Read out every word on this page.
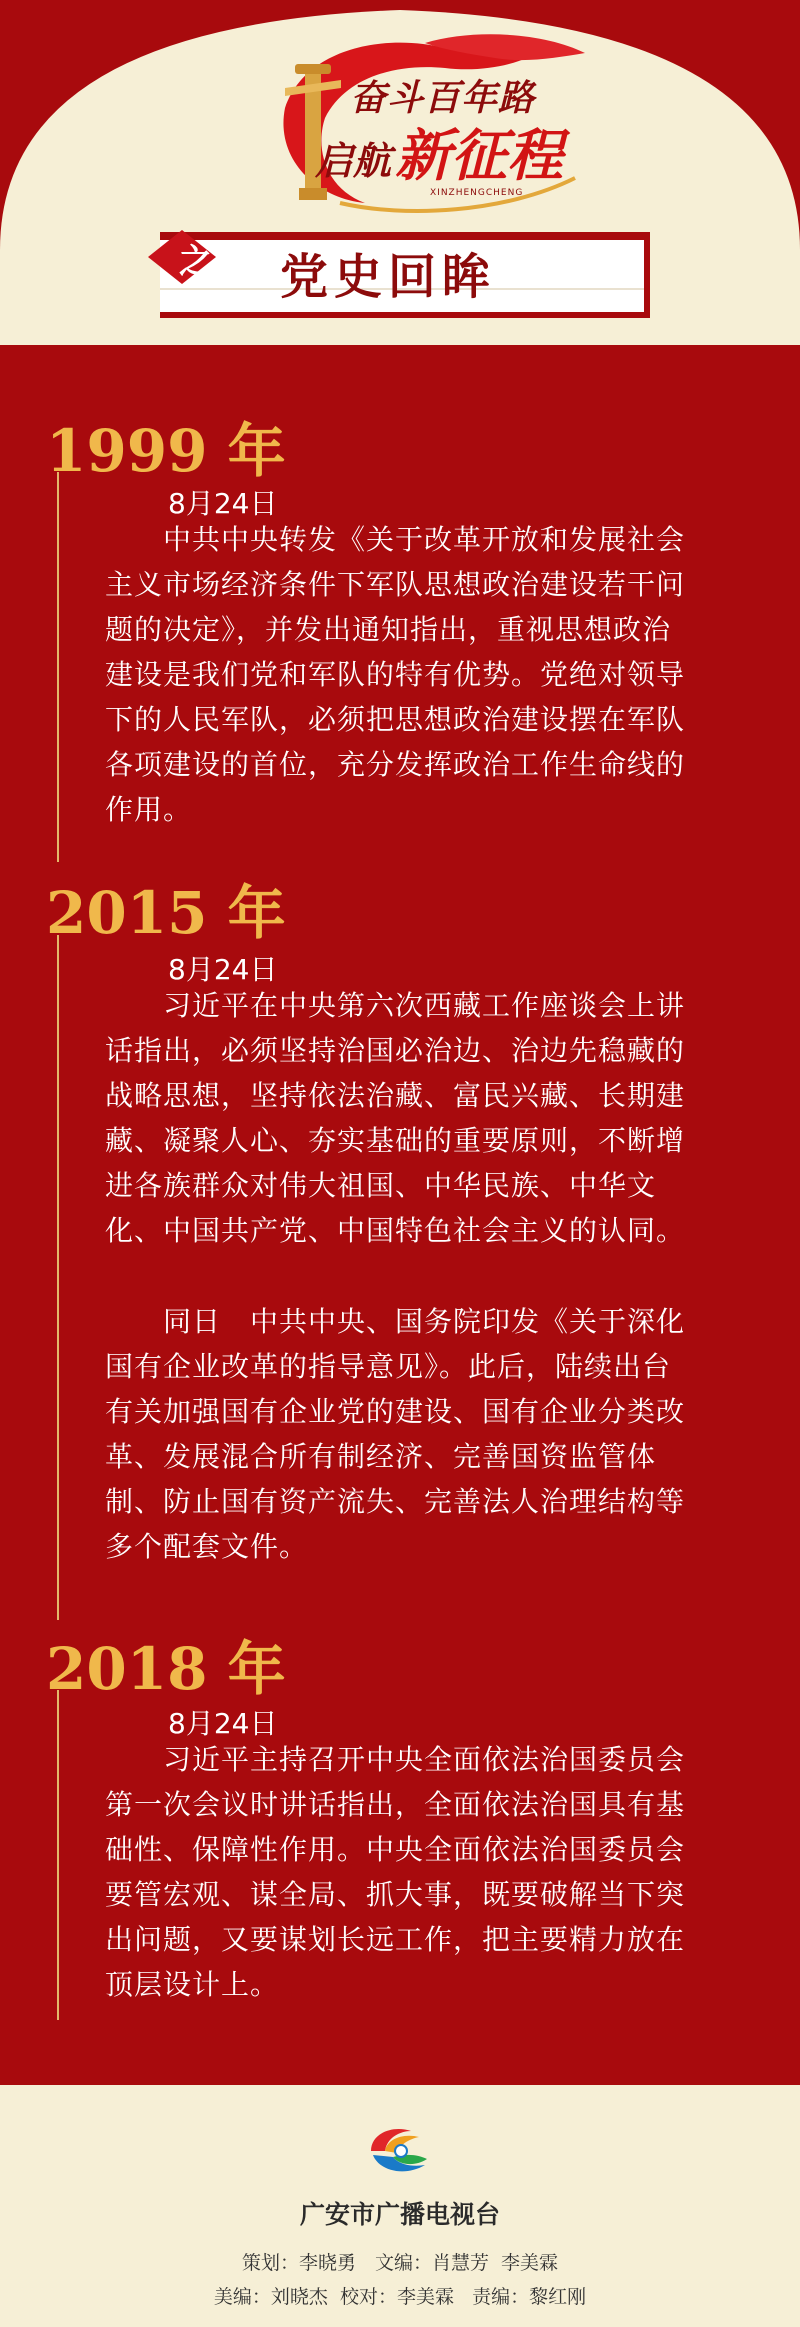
奋斗百年路
启航 新征程
XINZHENGCHENG
之 党史回眸
1999 年
8月24日
中共中央转发《关于改革开放和发展社会主义市场经济条件下军队思想政治建设若干问题的决定》，并发出通知指出，重视思想政治建设是我们党和军队的特有优势。党绝对领导下的人民军队，必须把思想政治建设摆在军队各项建设的首位，充分发挥政治工作生命线的作用。
2015 年
8月24日
习近平在中央第六次西藏工作座谈会上讲话指出，必须坚持治国必治边、治边先稳藏的战略思想，坚持依法治藏、富民兴藏、长期建藏、凝聚人心、夯实基础的重要原则，不断增进各族群众对伟大祖国、中华民族、中华文化、中国共产党、中国特色社会主义的认同。
同日　中共中央、国务院印发《关于深化国有企业改革的指导意见》。此后，陆续出台有关加强国有企业党的建设、国有企业分类改革、发展混合所有制经济、完善国资监管体制、防止国有资产流失、完善法人治理结构等多个配套文件。
2018 年
8月24日
习近平主持召开中央全面依法治国委员会第一次会议时讲话指出，全面依法治国具有基础性、保障性作用。中央全面依法治国委员会要管宏观、谋全局、抓大事，既要破解当下突出问题，又要谋划长远工作，把主要精力放在顶层设计上。
广安市广播电视台
策划：李晓勇　文编：肖慧芳  李美霖
美编：刘晓杰  校对：李美霖   责编：黎红刚
